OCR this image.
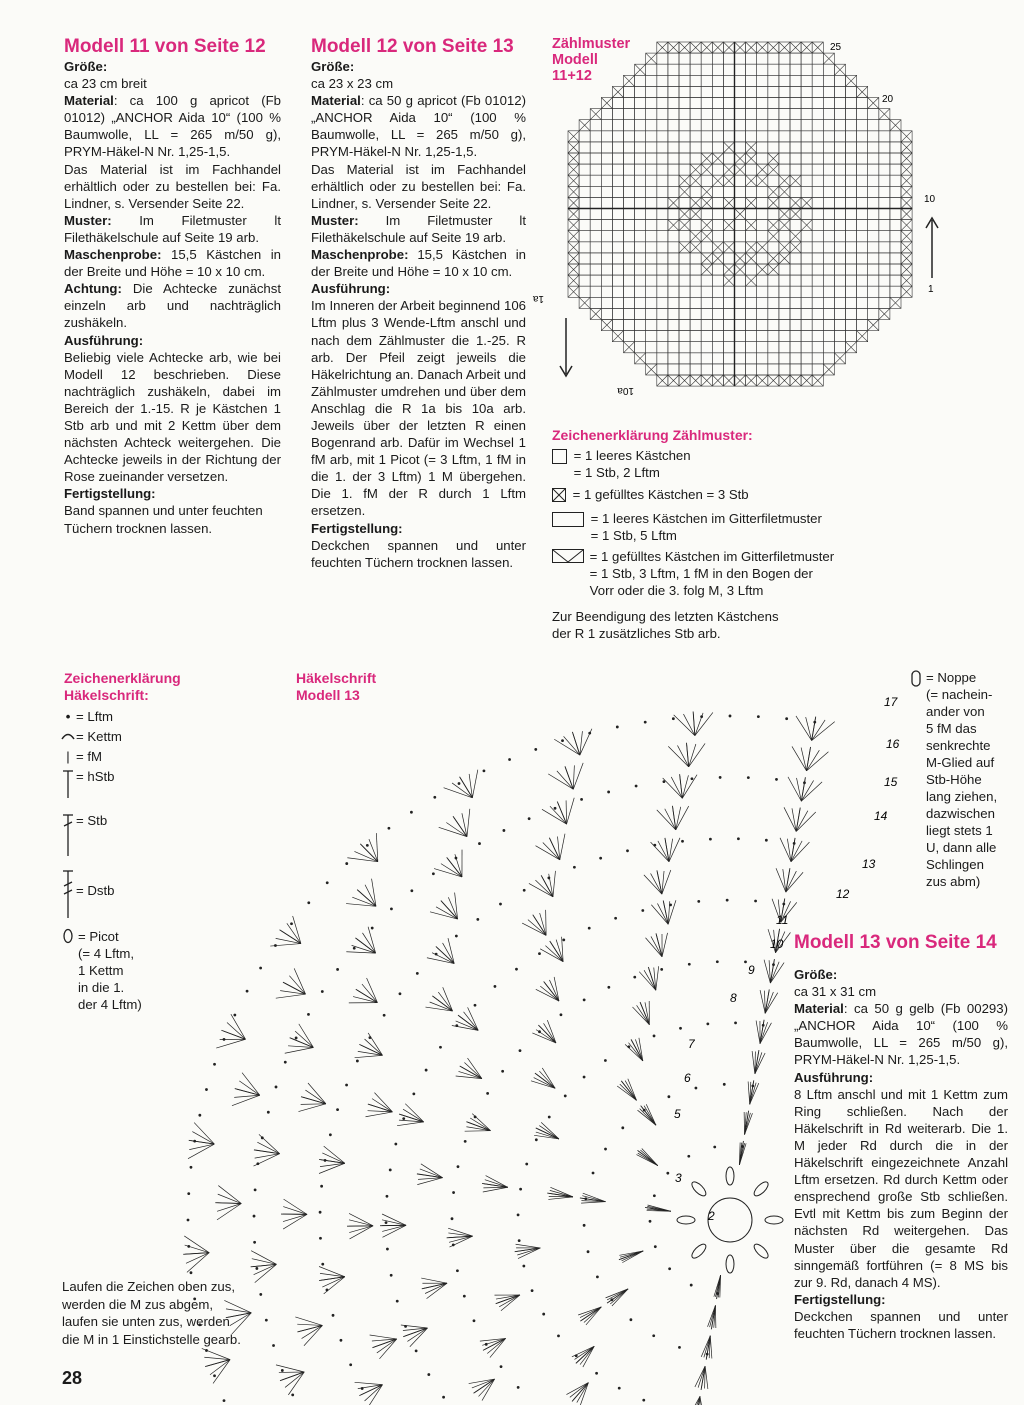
Modell 11 von Seite 12

Größe:

ca 23 cm breit

Material: ca 100 g apricot (Fb 01012) „ANCHOR Aida 10“ (100 % Baumwolle, LL = 265 m/50 g), PRYM-Häkel-N Nr. 1,25-1,5.

Das Material ist im Fachhandel erhältlich oder zu bestellen bei: Fa. Lindner, s. Versender Seite 22.

Muster: Im Filetmuster lt Filethäkelschule auf Seite 19 arb.

Maschenprobe: 15,5 Kästchen in der Breite und Höhe = 10 x 10 cm.

Achtung: Die Achtecke zunächst einzeln arb und nachträglich zushäkeln.

Ausführung:

Beliebig viele Achtecke arb, wie bei Modell 12 beschrieben. Diese nachträglich zushäkeln, dabei im Bereich der 1.-15. R je Kästchen 1 Stb arb und mit 2 Kettm über dem nächsten Achteck weitergehen. Die Achtecke jeweils in der Richtung der Rose zueinander versetzen.

Fertigstellung:

Band spannen und unter feuchten Tüchern trocknen lassen.

Modell 12 von Seite 13

Größe:

ca 23 x 23 cm

Material: ca 50 g apricot (Fb 01012) „ANCHOR Aida 10“ (100 % Baumwolle, LL = 265 m/50 g), PRYM-Häkel-N Nr. 1,25-1,5.

Das Material ist im Fachhandel erhältlich oder zu bestellen bei: Fa. Lindner, s. Versender Seite 22.

Muster: Im Filetmuster lt Filethäkelschule auf Seite 19 arb.

Maschenprobe: 15,5 Kästchen in der Breite und Höhe = 10 x 10 cm.

Ausführung:

Im Inneren der Arbeit beginnend 106 Lftm plus 3 Wende-Lftm anschl und nach dem Zählmuster die 1.-25. R arb. Der Pfeil zeigt jeweils die Häkelrichtung an. Danach Arbeit und Zählmuster umdrehen und über dem Anschlag die R 1a bis 10a arb. Jeweils über der letzten R einen Bogenrand arb. Dafür im Wechsel 1 fM arb, mit 1 Picot (= 3 Lftm, 1 fM in die 1. der 3 Lftm) 1 M übergehen. Die 1. fM der R durch 1 Lftm ersetzen.

Fertigstellung:

Deckchen spannen und unter feuchten Tüchern trocknen lassen.

Zählmuster
Modell
11+12
25
20
10
1
1a
10a
Zeichenerklärung Zählmuster:
= 1 leeres Kästchen
= 1 Stb, 2 Lftm
= 1 gefülltes Kästchen = 3 Stb
= 1 leeres Kästchen im Gitterfiletmuster
= 1 Stb, 5 Lftm
= 1 gefülltes Kästchen im Gitterfiletmuster
= 1 Stb, 3 Lftm, 1 fM in den Bogen der
Vorr oder die 3. folg M, 3 Lftm
Zur Beendigung des letzten Kästchens
der R 1 zusätzliches Stb arb.
Zeichenerklärung
Häkelschrift:
• = Lftm
= Kettm
| = fM
= hStb
= Stb
= Dstb
= Picot
(= 4 Lftm,
1 Kettm
in die 1.
der 4 Lftm)
Häkelschrift
Modell 13
2
3
5
6
7
8
9
10
11
12
13
14
15
16
17
= Noppe
(= nachein-
ander von
5 fM das
senkrechte
M-Glied auf
Stb-Höhe
lang ziehen,
dazwischen
liegt stets 1
U, dann alle
Schlingen
zus abm)
Laufen die Zeichen oben zus,
werden die M zus abgem,
laufen sie unten zus, werden
die M in 1 Einstichstelle gearb.

Modell 13 von Seite 14

Größe:

ca 31 x 31 cm

Material: ca 50 g gelb (Fb 00293) „ANCHOR Aida 10“ (100 % Baumwolle, LL = 265 m/50 g), PRYM-Häkel-N Nr. 1,25-1,5.

Ausführung:

8 Lftm anschl und mit 1 Kettm zum Ring schließen. Nach der Häkelschrift in Rd weiterarb. Die 1. M jeder Rd durch die in der Häkelschrift eingezeichnete Anzahl Lftm ersetzen. Rd durch Kettm oder ensprechend große Stb schließen. Evtl mit Kettm bis zum Beginn der nächsten Rd weitergehen. Das Muster über die gesamte Rd sinngemäß fortführen (= 8 MS bis zur 9. Rd, danach 4 MS).

Fertigstellung:

Deckchen spannen und unter feuchten Tüchern trocknen lassen.

28
